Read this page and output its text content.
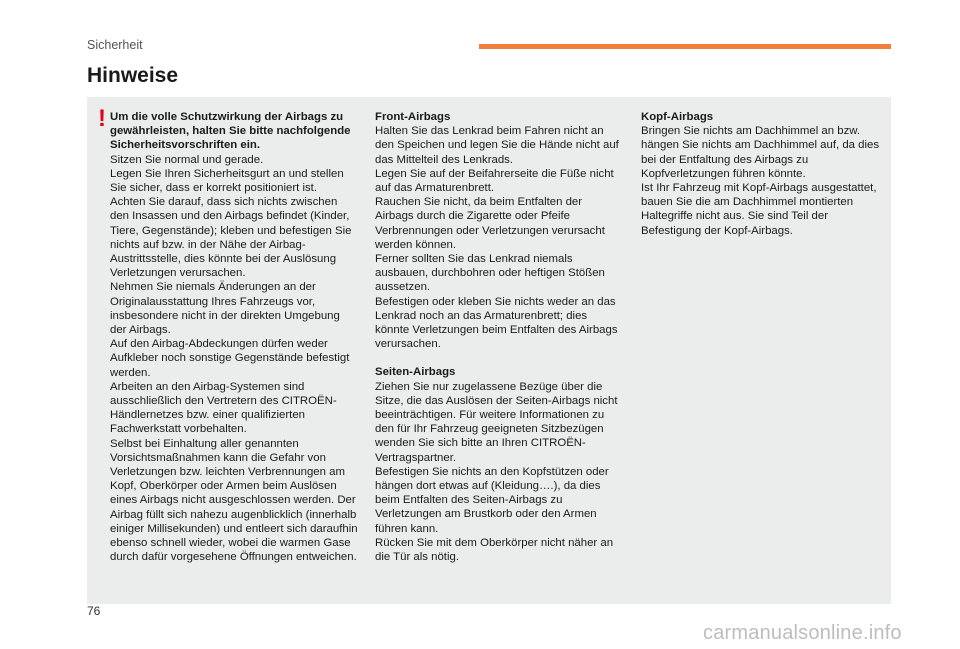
Sicherheit
Hinweise
! Um die volle Schutzwirkung der Airbags zu gewährleisten, halten Sie bitte nachfolgende Sicherheitsvorschriften ein.

Sitzen Sie normal und gerade.

Legen Sie Ihren Sicherheitsgurt an und stellen Sie sicher, dass er korrekt positioniert ist.

Achten Sie darauf, dass sich nichts zwischen den Insassen und den Airbags befindet (Kinder, Tiere, Gegenstände); kleben und befestigen Sie nichts auf bzw. in der Nähe der Airbag-Austrittsstelle, dies könnte bei der Auslösung Verletzungen verursachen.

Nehmen Sie niemals Änderungen an der Originalausstattung Ihres Fahrzeugs vor, insbesondere nicht in der direkten Umgebung der Airbags.

Auf den Airbag-Abdeckungen dürfen weder Aufkleber noch sonstige Gegenstände befestigt werden.

Arbeiten an den Airbag-Systemen sind ausschließlich den Vertretern des CITROËN-Händlernetzes bzw. einer qualifizierten Fachwerkstatt vorbehalten.

Selbst bei Einhaltung aller genannten Vorsichtsmaßnahmen kann die Gefahr von Verletzungen bzw. leichten Verbrennungen am Kopf, Oberkörper oder Armen beim Auslösen eines Airbags nicht ausgeschlossen werden. Der Airbag füllt sich nahezu augenblicklich (innerhalb einiger Millisekunden) und entleert sich daraufhin ebenso schnell wieder, wobei die warmen Gase durch dafür vorgesehene Öffnungen entweichen.

Front-Airbags

Halten Sie das Lenkrad beim Fahren nicht an den Speichen und legen Sie die Hände nicht auf das Mittelteil des Lenkrads.

Legen Sie auf der Beifahrerseite die Füße nicht auf das Armaturenbrett.

Rauchen Sie nicht, da beim Entfalten der Airbags durch die Zigarette oder Pfeife Verbrennungen oder Verletzungen verursacht werden können.

Ferner sollten Sie das Lenkrad niemals ausbauen, durchbohren oder heftigen Stößen aussetzen.

Befestigen oder kleben Sie nichts weder an das Lenkrad noch an das Armaturenbrett; dies könnte Verletzungen beim Entfalten des Airbags verursachen.

Seiten-Airbags

Ziehen Sie nur zugelassene Bezüge über die Sitze, die das Auslösen der Seiten-Airbags nicht beeinträchtigen. Für weitere Informationen zu den für Ihr Fahrzeug geeigneten Sitzbezügen wenden Sie sich bitte an Ihren CITROËN-Vertragspartner.

Befestigen Sie nichts an den Kopfstützen oder hängen dort etwas auf (Kleidung….), da dies beim Entfalten des Seiten-Airbags zu Verletzungen am Brustkorb oder den Armen führen kann.

Rücken Sie mit dem Oberkörper nicht näher an die Tür als nötig.

Kopf-Airbags

Bringen Sie nichts am Dachhimmel an bzw. hängen Sie nichts am Dachhimmel auf, da dies bei der Entfaltung des Airbags zu Kopfverletzungen führen könnte.

Ist Ihr Fahrzeug mit Kopf-Airbags ausgestattet, bauen Sie die am Dachhimmel montierten Haltegriffe nicht aus. Sie sind Teil der Befestigung der Kopf-Airbags.

76
carmanualsonline.info
